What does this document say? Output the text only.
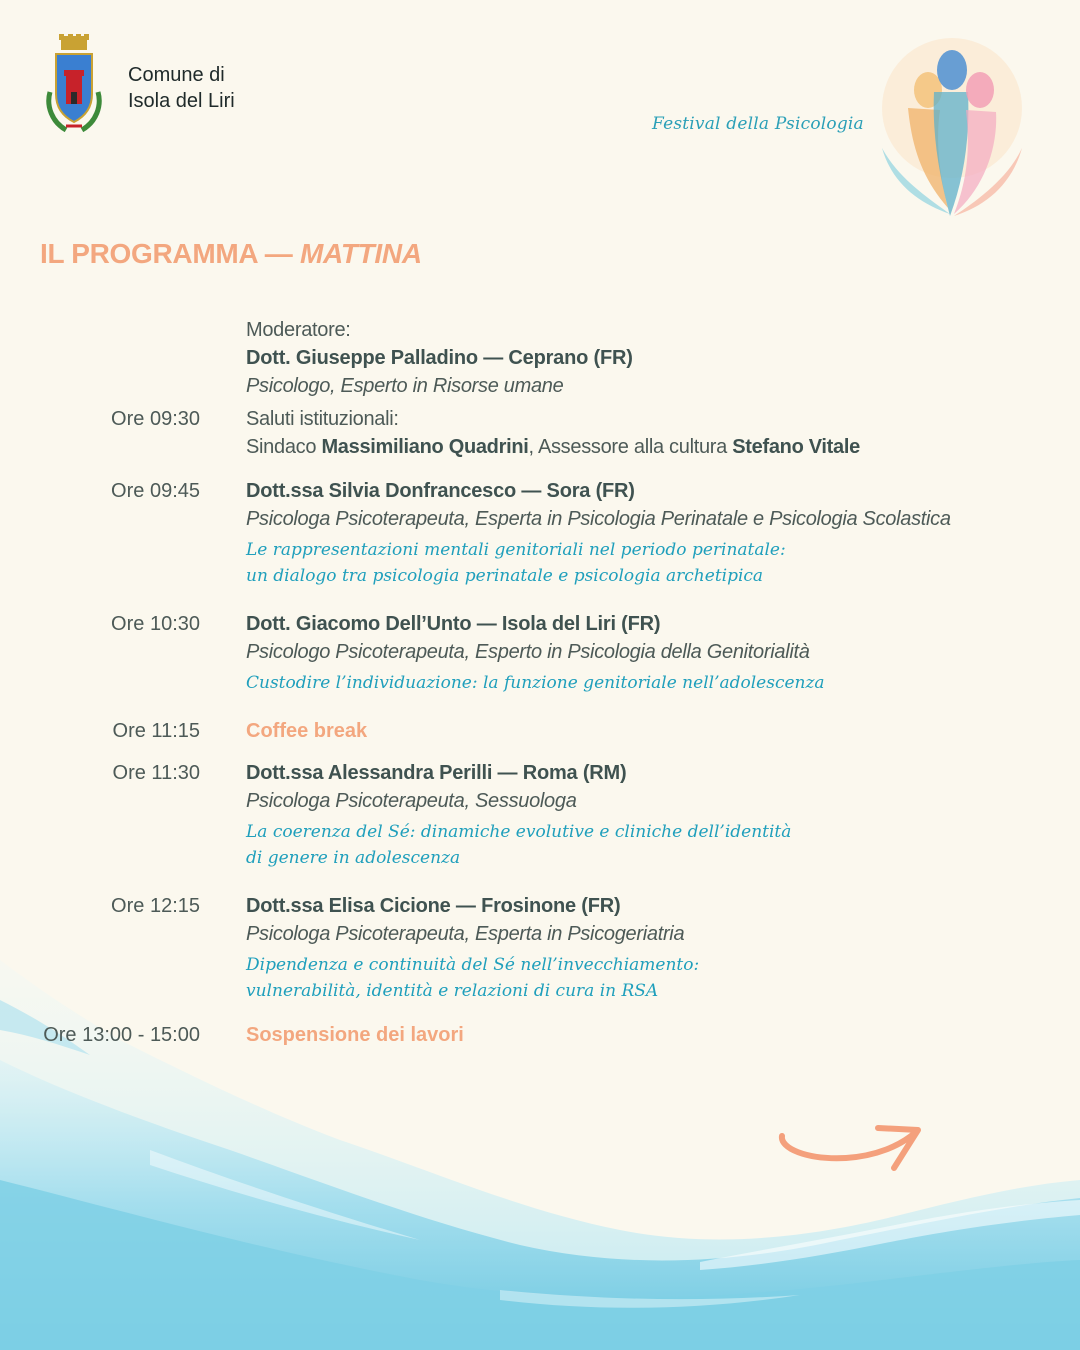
Comune di
Isola del Liri
Festival della Psicologia
IL PROGRAMMA — MATTINA
Moderatore:
Dott. Giuseppe Palladino — Ceprano (FR)
Psicologo, Esperto in Risorse umane
Ore 09:30 Saluti istituzionali:
Sindaco Massimiliano Quadrini, Assessore alla cultura Stefano Vitale
Ore 09:45 Dott.ssa Silvia Donfrancesco — Sora (FR)
Psicologa Psicoterapeuta, Esperta in Psicologia Perinatale e Psicologia Scolastica
Le rappresentazioni mentali genitoriali nel periodo perinatale:
un dialogo tra psicologia perinatale e psicologia archetipica
Ore 10:30 Dott. Giacomo Dell’Unto — Isola del Liri (FR)
Psicologo Psicoterapeuta, Esperto in Psicologia della Genitorialità
Custodire l’individuazione: la funzione genitoriale nell’adolescenza
Ore 11:15 Coffee break
Ore 11:30 Dott.ssa Alessandra Perilli — Roma (RM)
Psicologa Psicoterapeuta, Sessuologa
La coerenza del Sé: dinamiche evolutive e cliniche dell’identità
di genere in adolescenza
Ore 12:15 Dott.ssa Elisa Cicione — Frosinone (FR)
Psicologa Psicoterapeuta, Esperta in Psicogeriatria
Dipendenza e continuità del Sé nell’invecchiamento:
vulnerabilità, identità e relazioni di cura in RSA
Ore 13:00 - 15:00 Sospensione dei lavori
